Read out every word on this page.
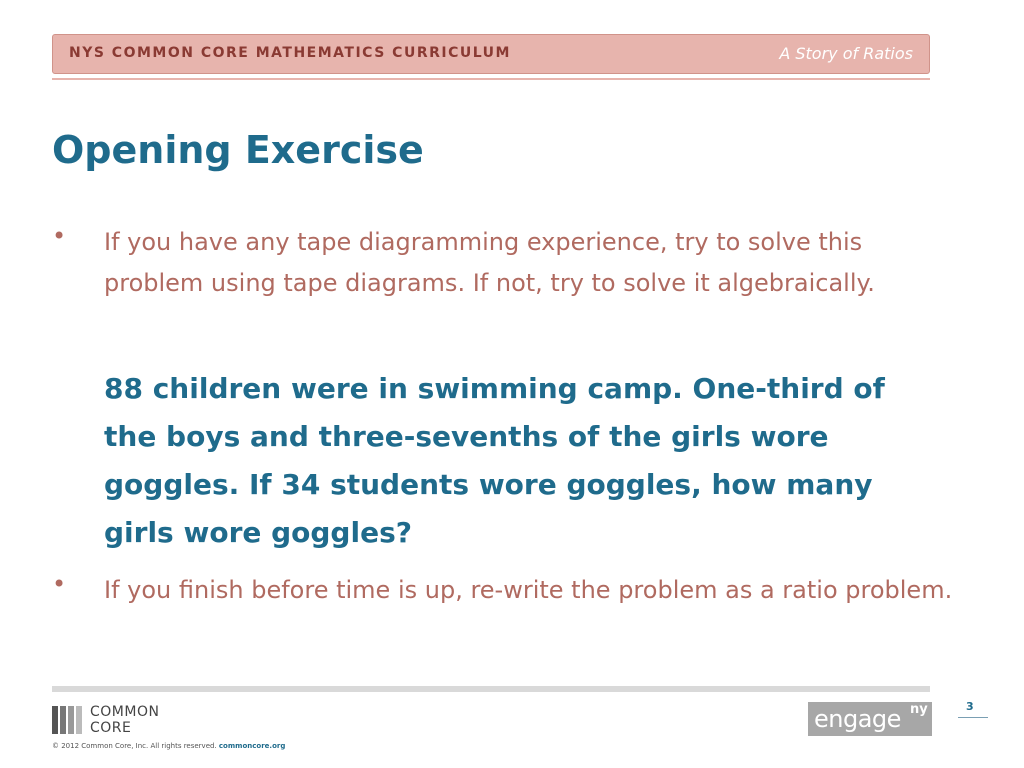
NYS COMMON CORE MATHEMATICS CURRICULUM	A Story of Ratios
Opening Exercise
• If you have any tape diagramming experience, try to solve this problem using tape diagrams. If not, try to solve it algebraically.
88 children were in swimming camp. One-third of the boys and three-sevenths of the girls wore goggles. If 34 students wore goggles, how many girls wore goggles?
• If you finish before time is up, re-write the problem as a ratio problem.
COMMON
CORE
© 2012 Common Core, Inc. All rights reserved. commoncore.org
engage ny	3
